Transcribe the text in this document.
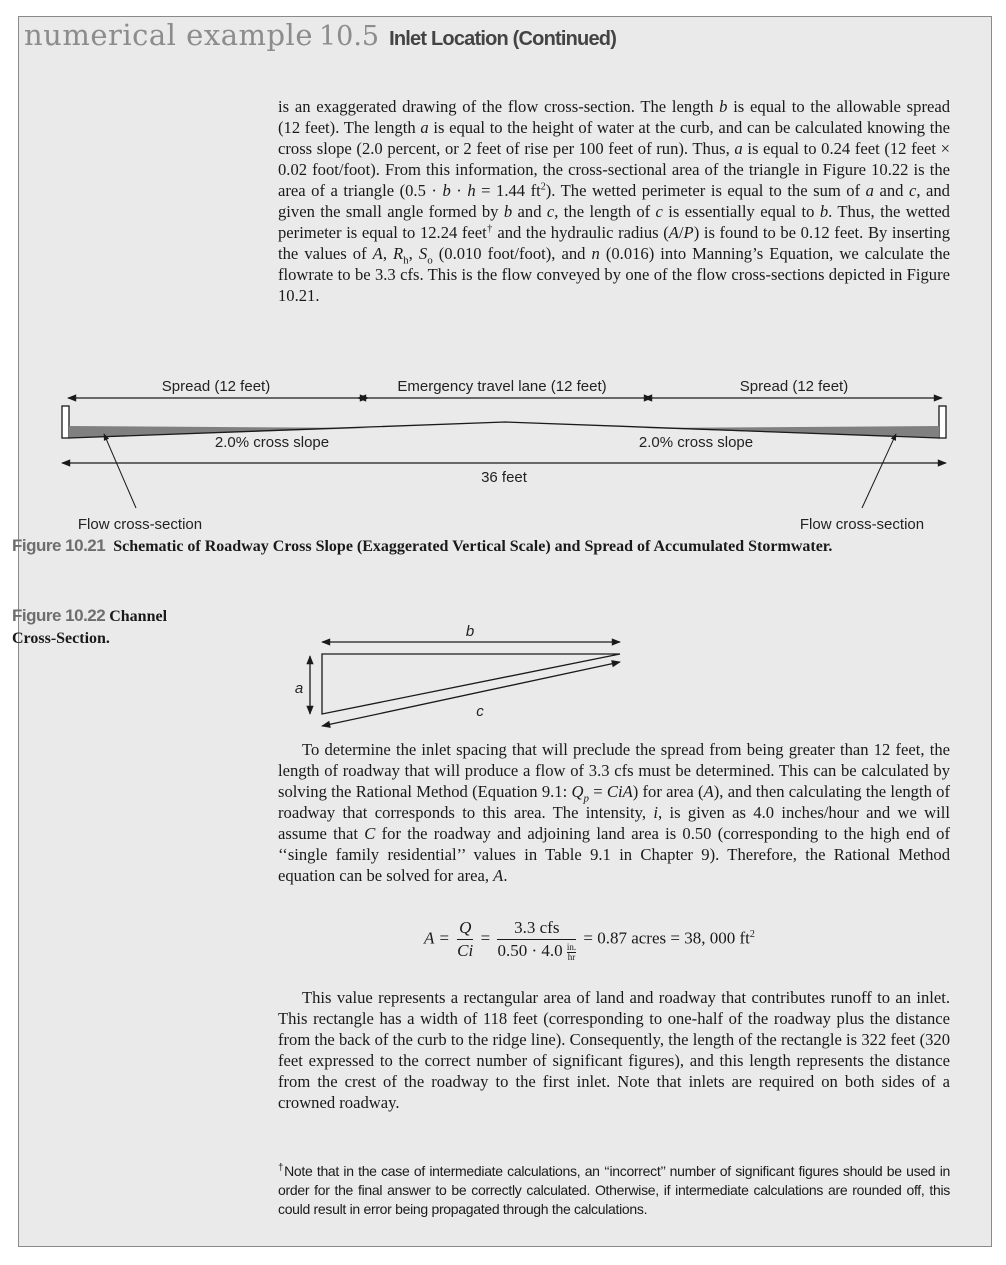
numerical example 10.5 Inlet Location (Continued)

is an exaggerated drawing of the flow cross-section. The length b is equal to the allowable spread (12 feet). The length a is equal to the height of water at the curb, and can be calculated knowing the cross slope (2.0 percent, or 2 feet of rise per 100 feet of run). Thus, a is equal to 0.24 feet (12 feet × 0.02 foot/foot). From this information, the cross-sectional area of the triangle in Figure 10.22 is the area of a triangle (0.5 · b · h = 1.44 $ft^2$). The wetted perimeter is equal to the sum of a and c, and given the small angle formed by b and c, the length of c is essentially equal to b. Thus, the wetted perimeter is equal to 12.24 feet† and the hydraulic radius (A/P) is found to be 0.12 feet. By inserting the values of A, $R_h$, $S_o$ (0.010 foot/foot), and n (0.016) into Manning’s Equation, we calculate the flowrate to be 3.3 cfs. This is the flow conveyed by one of the flow cross-sections depicted in Figure 10.21.

Spread (12 feet)	Emergency travel lane (12 feet)	Spread (12 feet)
2.0% cross slope	2.0% cross slope
36 feet
Flow cross-section	Flow cross-section
Figure 10.21 Schematic of Roadway Cross Slope (Exaggerated Vertical Scale) and Spread of Accumulated Stormwater.
Figure 10.22 Channel Cross-Section.	b
a
c

To determine the inlet spacing that will preclude the spread from being greater than 12 feet, the length of roadway that will produce a flow of 3.3 cfs must be determined. This can be calculated by solving the Rational Method (Equation 9.1: $Q_p = CiA$) for area (A), and then calculating the length of roadway that corresponds to this area. The intensity, i, is given as 4.0 inches/hour and we will assume that C for the roadway and adjoining land area is 0.50 (corresponding to the high end of ‘‘single family residential’’ values in Table 9.1 in Chapter 9). Therefore, the Rational Method equation can be solved for area, A.

$A = \frac{Q}{Ci} = \frac{\text{3.3 cfs}}{0.50 \cdot 4.0 \frac{in.}{hr}} = 0.87$ acres = 38, 000 $ft^2$

This value represents a rectangular area of land and roadway that contributes runoff to an inlet. This rectangle has a width of 118 feet (corresponding to one-half of the roadway plus the distance from the back of the curb to the ridge line). Consequently, the length of the rectangle is 322 feet (320 feet expressed to the correct number of significant figures), and this length represents the distance from the crest of the roadway to the first inlet. Note that inlets are required on both sides of a crowned roadway.

†Note that in the case of intermediate calculations, an ‘‘incorrect’’ number of significant figures should be used in order for the final answer to be correctly calculated. Otherwise, if intermediate calculations are rounded off, this could result in error being propagated through the calculations.
